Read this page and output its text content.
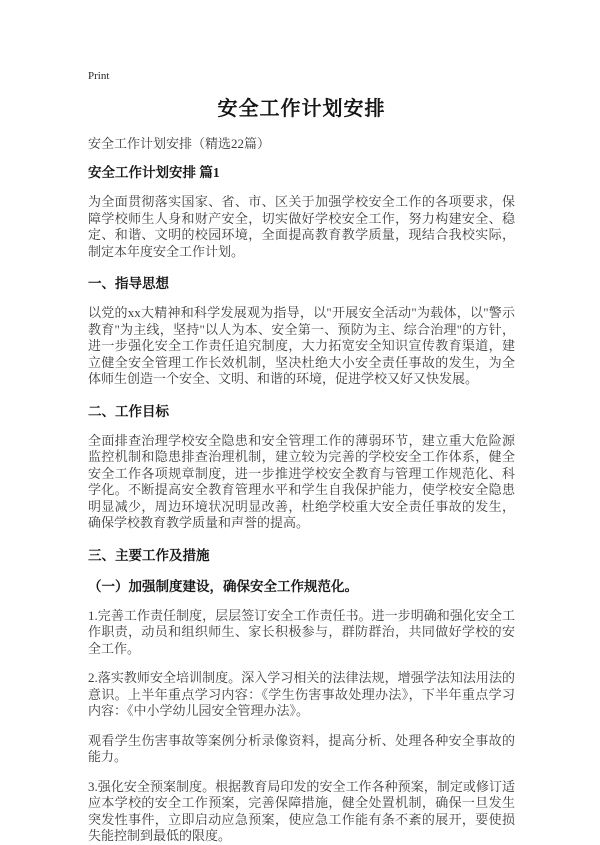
Print
安全工作计划安排

安全工作计划安排（精选22篇）

安全工作计划安排 篇1

为全面贯彻落实国家、省、市、区关于加强学校安全工作的各项要求，保障学校师生人身和财产安全，切实做好学校安全工作，努力构建安全、稳定、和谐、文明的校园环境，全面提高教育教学质量，现结合我校实际，制定本年度安全工作计划。

一、指导思想

以党的xx大精神和科学发展观为指导，以"开展安全活动"为载体，以"警示教育"为主线，坚持"以人为本、安全第一、预防为主、综合治理"的方针，进一步强化安全工作责任追究制度，大力拓宽安全知识宣传教育渠道，建立健全安全管理工作长效机制，坚决杜绝大小安全责任事故的发生，为全体师生创造一个安全、文明、和谐的环境，促进学校又好又快发展。

二、工作目标

全面排查治理学校安全隐患和安全管理工作的薄弱环节，建立重大危险源监控机制和隐患排查治理机制，建立较为完善的学校安全工作体系，健全安全工作各项规章制度，进一步推进学校安全教育与管理工作规范化、科学化。不断提高安全教育管理水平和学生自我保护能力，使学校安全隐患明显减少，周边环境状况明显改善，杜绝学校重大安全责任事故的发生，确保学校教育教学质量和声誉的提高。

三、主要工作及措施
（一）加强制度建设，确保安全工作规范化。

1.完善工作责任制度，层层签订安全工作责任书。进一步明确和强化安全工作职责，动员和组织师生、家长积极参与，群防群治，共同做好学校的安全工作。

2.落实教师安全培训制度。深入学习相关的法律法规，增强学法知法用法的意识。上半年重点学习内容：《学生伤害事故处理办法》，下半年重点学习内容：《中小学幼儿园安全管理办法》。

观看学生伤害事故等案例分析录像资料，提高分析、处理各种安全事故的能力。

3.强化安全预案制度。根据教育局印发的安全工作各种预案，制定或修订适应本学校的安全工作预案，完善保障措施，健全处置机制，确保一旦发生突发性事件，立即启动应急预案，使应急工作能有条不紊的展开，要使损失能控制到最低的限度。
